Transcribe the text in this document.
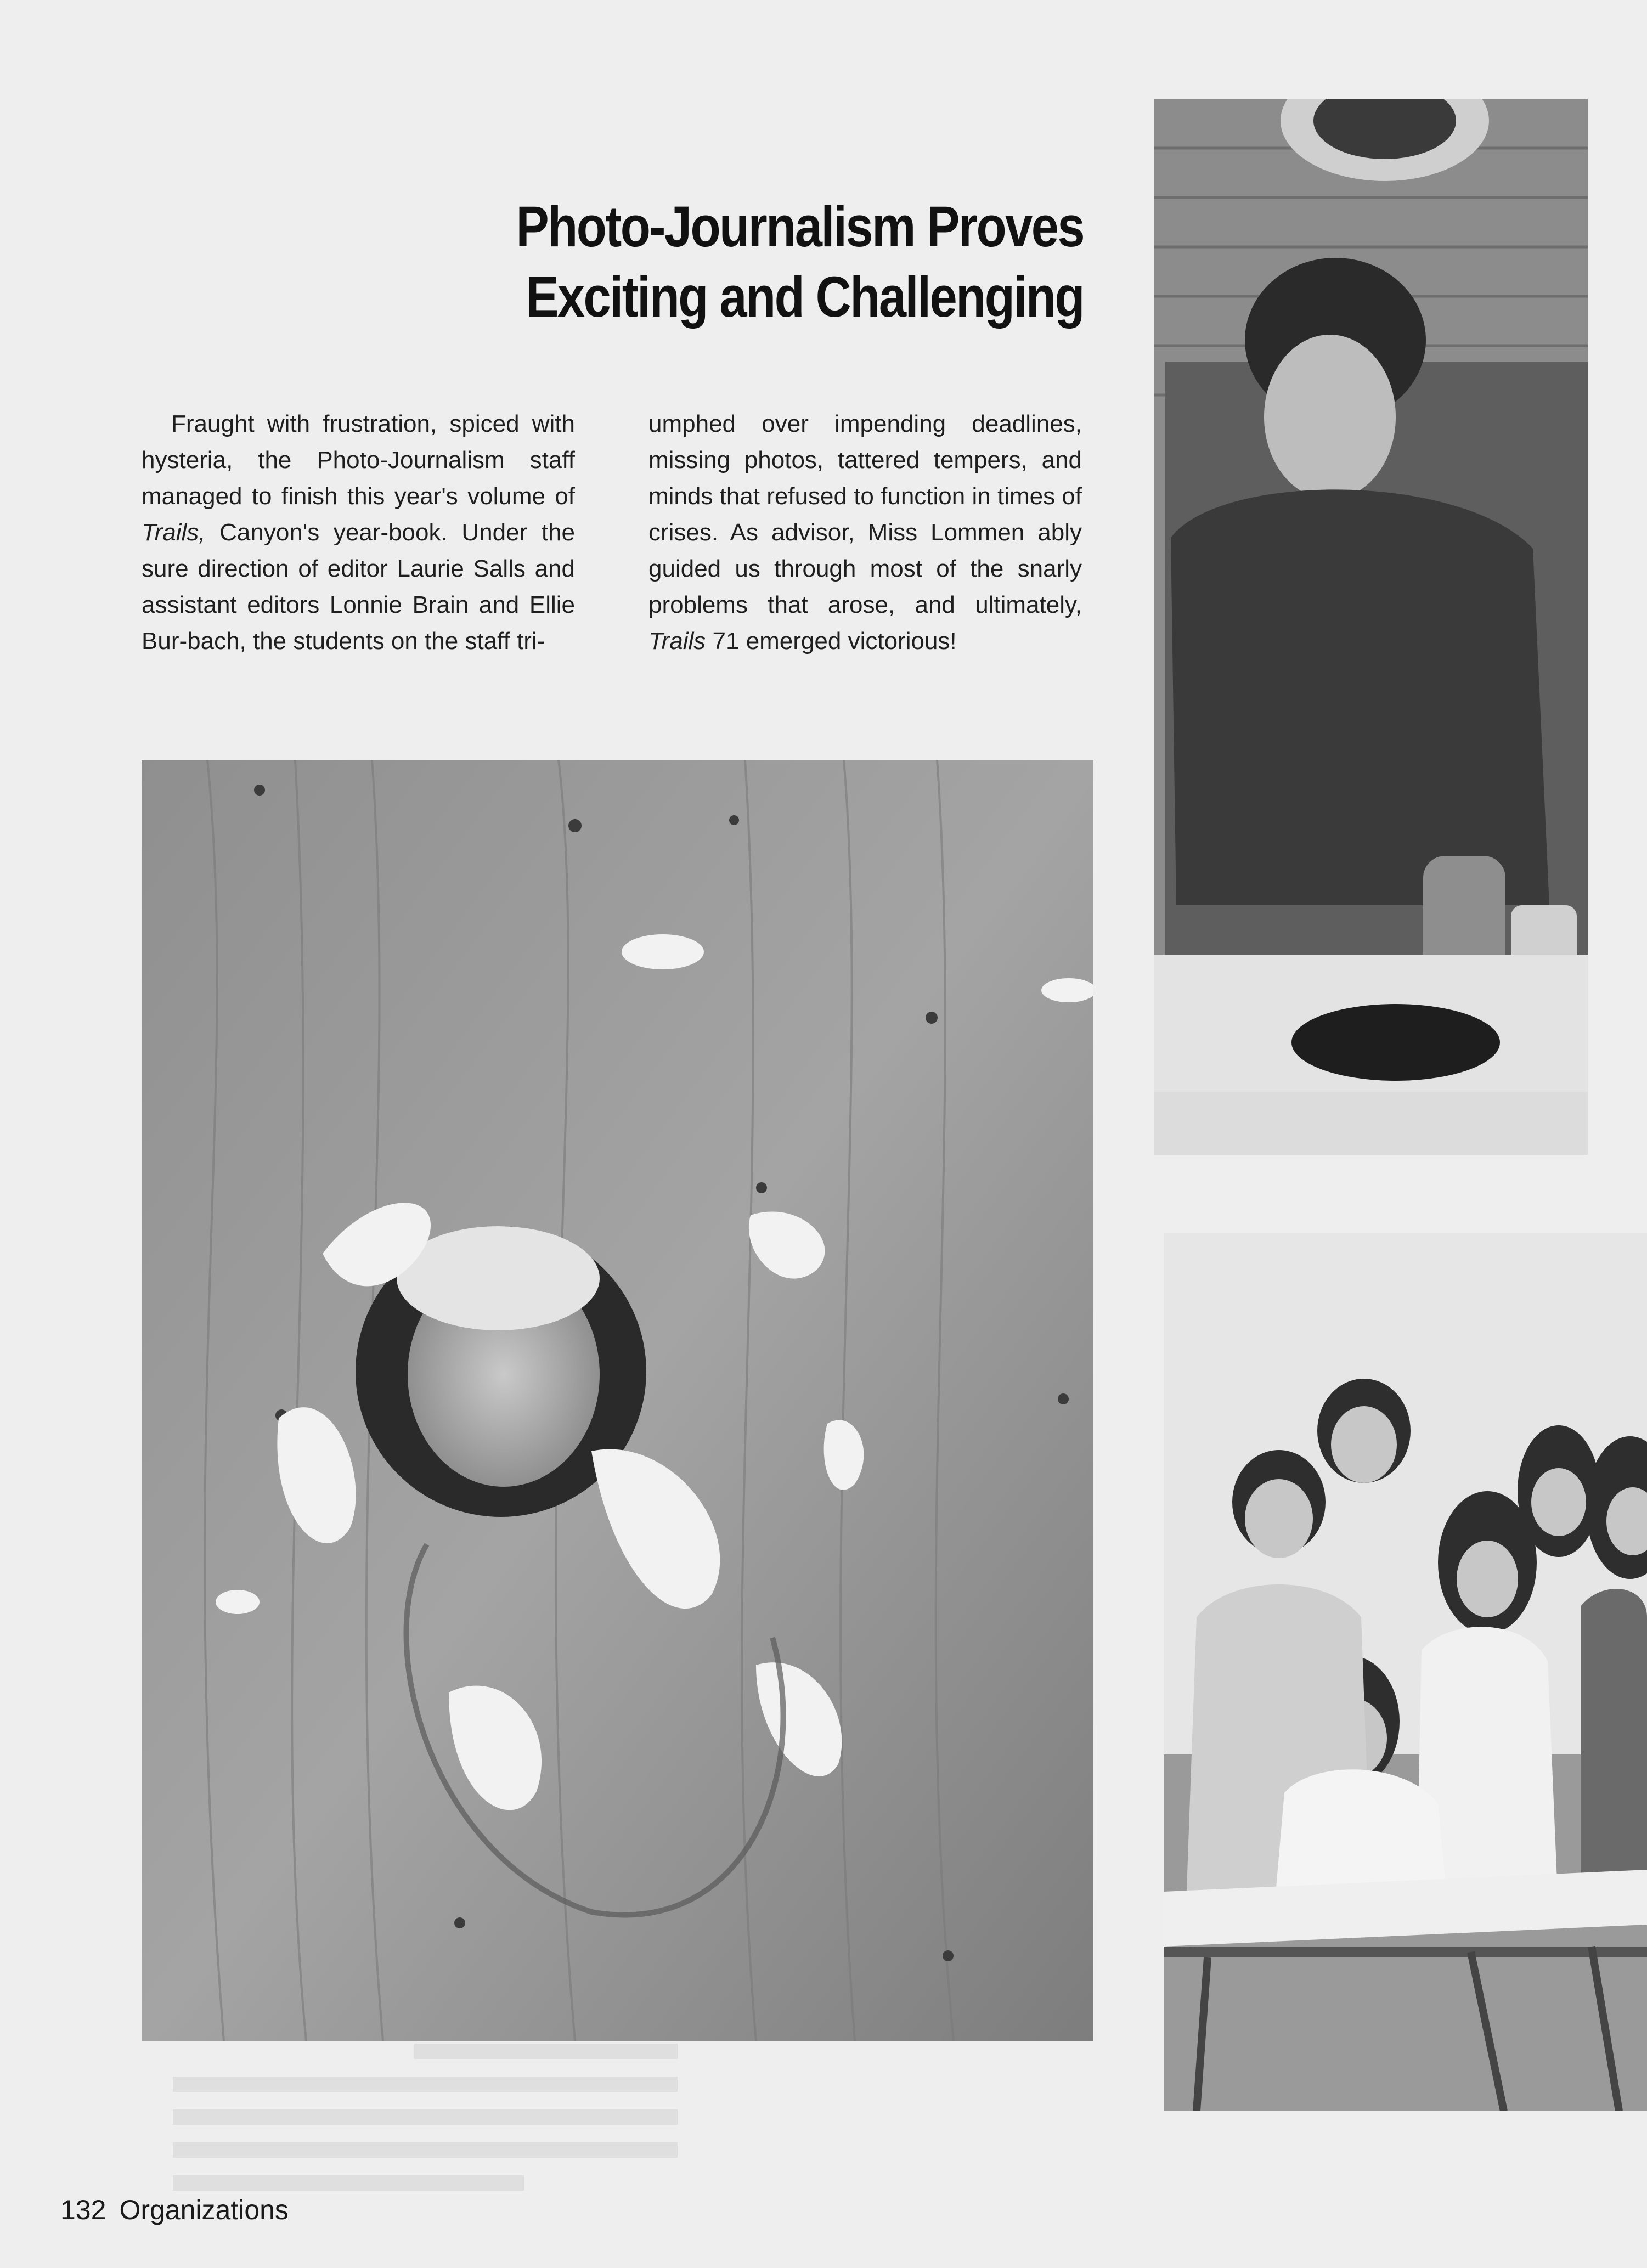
Photo-Journalism Proves
Exciting and Challenging

Fraught with frustration, spiced with hysteria, the Photo-Journalism staff managed to finish this year's volume of Trails, Canyon's year-book. Under the sure direction of editor Laurie Salls and assistant editors Lonnie Brain and Ellie Bur-bach, the students on the staff tri-

umphed over impending deadlines, missing photos, tattered tempers, and minds that refused to function in times of crises. As advisor, Miss Lommen ably guided us through most of the snarly problems that arose, and ultimately, Trails 71 emerged victorious!

132 Organizations
